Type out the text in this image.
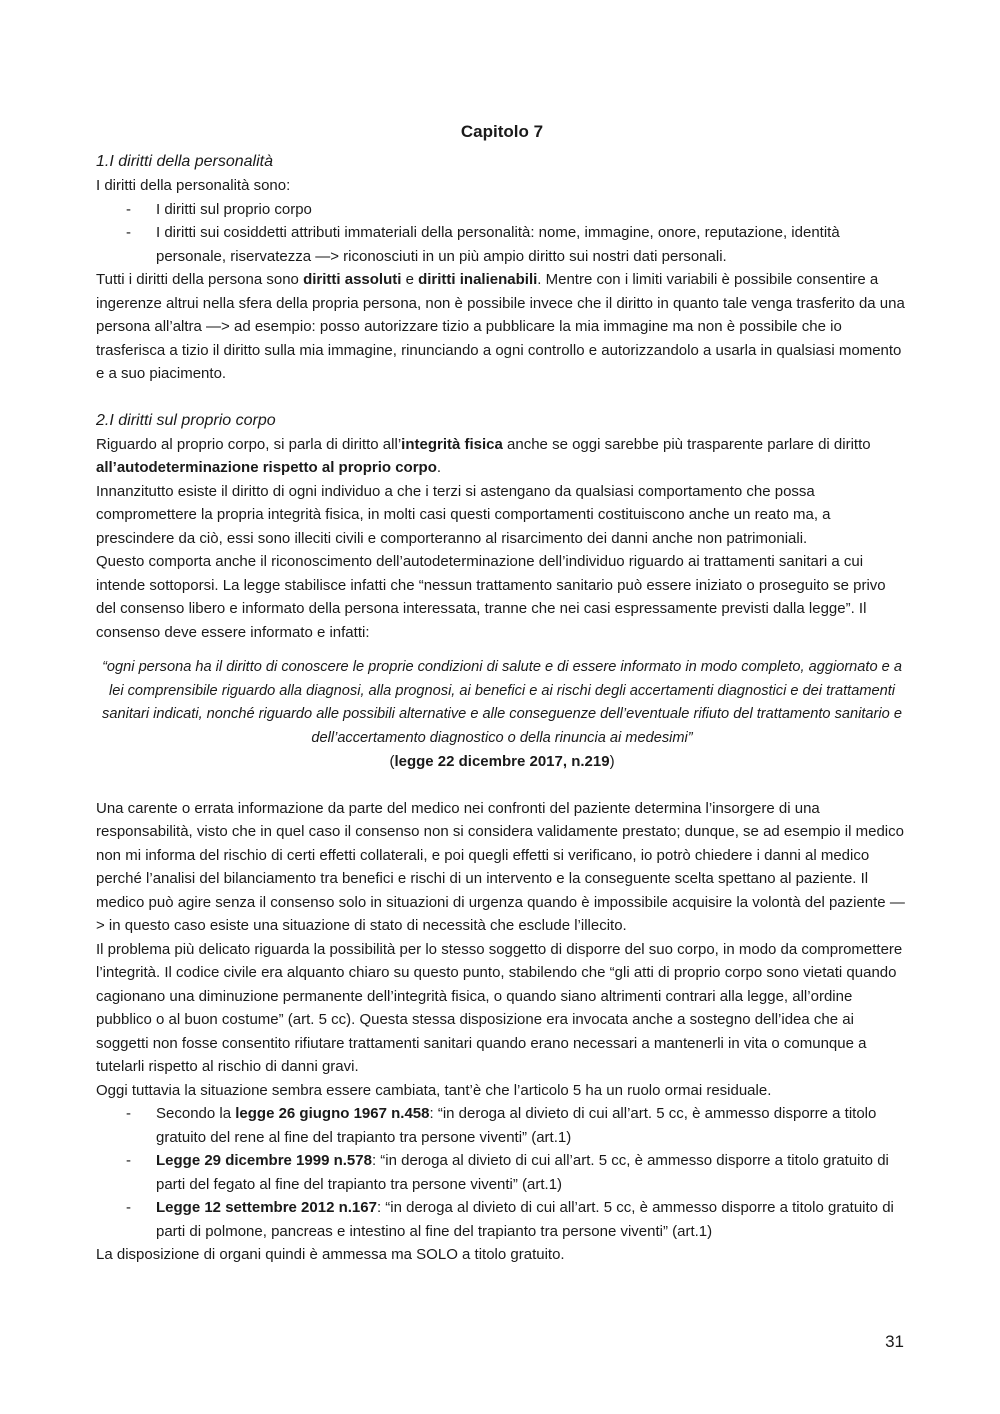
Capitolo 7
1.I diritti della personalità

I diritti della personalità sono:

- I diritti sul proprio corpo
- I diritti sui cosiddetti attributi immateriali della personalità: nome, immagine, onore, reputazione, identità personale, riservatezza —> riconosciuti in un più ampio diritto sui nostri dati personali.

Tutti i diritti della persona sono diritti assoluti e diritti inalienabili. Mentre con i limiti variabili è possibile consentire a ingerenze altrui nella sfera della propria persona, non è possibile invece che il diritto in quanto tale venga trasferito da una persona all’altra —> ad esempio: posso autorizzare tizio a pubblicare la mia immagine ma non è possibile che io trasferisca a tizio il diritto sulla mia immagine, rinunciando a ogni controllo e autorizzandolo a usarla in qualsiasi momento e a suo piacimento.

2.I diritti sul proprio corpo

Riguardo al proprio corpo, si parla di diritto all’integrità fisica anche se oggi sarebbe più trasparente parlare di diritto all’autodeterminazione rispetto al proprio corpo.

Innanzitutto esiste il diritto di ogni individuo a che i terzi si astengano da qualsiasi comportamento che possa compromettere la propria integrità fisica, in molti casi questi comportamenti costituiscono anche un reato ma, a prescindere da ciò, essi sono illeciti civili e comporteranno al risarcimento dei danni anche non patrimoniali.

Questo comporta anche il riconoscimento dell’autodeterminazione dell’individuo riguardo ai trattamenti sanitari a cui intende sottoporsi. La legge stabilisce infatti che “nessun trattamento sanitario può essere iniziato o proseguito se privo del consenso libero e informato della persona interessata, tranne che nei casi espressamente previsti dalla legge”. Il consenso deve essere informato e infatti:

“ogni persona ha il diritto di conoscere le proprie condizioni di salute e di essere informato in modo completo, aggiornato e a lei comprensibile riguardo alla diagnosi, alla prognosi, ai benefici e ai rischi degli accertamenti diagnostici e dei trattamenti sanitari indicati, nonché riguardo alle possibili alternative e alle conseguenze dell’eventuale rifiuto del trattamento sanitario e dell’accertamento diagnostico o della rinuncia ai medesimi”

(legge 22 dicembre 2017, n.219)

Una carente o errata informazione da parte del medico nei confronti del paziente determina l’insorgere di una responsabilità, visto che in quel caso il consenso non si considera validamente prestato; dunque, se ad esempio il medico non mi informa del rischio di certi effetti collaterali, e poi quegli effetti si verificano, io potrò chiedere i danni al medico perché l’analisi del bilanciamento tra benefici e rischi di un intervento e la conseguente scelta spettano al paziente. Il medico può agire senza il consenso solo in situazioni di urgenza quando è impossibile acquisire la volontà del paziente —> in questo caso esiste una situazione di stato di necessità che esclude l’illecito.

Il problema più delicato riguarda la possibilità per lo stesso soggetto di disporre del suo corpo, in modo da compromettere l’integrità. Il codice civile era alquanto chiaro su questo punto, stabilendo che “gli atti di proprio corpo sono vietati quando cagionano una diminuzione permanente dell’integrità fisica, o quando siano altrimenti contrari alla legge, all’ordine pubblico o al buon costume” (art. 5 cc). Questa stessa disposizione era invocata anche a sostegno dell’idea che ai soggetti non fosse consentito rifiutare trattamenti sanitari quando erano necessari a mantenerli in vita o comunque a tutelarli rispetto al rischio di danni gravi.

Oggi tuttavia la situazione sembra essere cambiata, tant’è che l’articolo 5 ha un ruolo ormai residuale.

- Secondo la legge 26 giugno 1967 n.458: “in deroga al divieto di cui all’art. 5 cc, è ammesso disporre a titolo gratuito del rene al fine del trapianto tra persone viventi” (art.1)
- Legge 29 dicembre 1999 n.578: “in deroga al divieto di cui all’art. 5 cc, è ammesso disporre a titolo gratuito di parti del fegato al fine del trapianto tra persone viventi” (art.1)
- Legge 12 settembre 2012 n.167: “in deroga al divieto di cui all’art. 5 cc, è ammesso disporre a titolo gratuito di parti di polmone, pancreas e intestino al fine del trapianto tra persone viventi” (art.1)

La disposizione di organi quindi è ammessa ma SOLO a titolo gratuito.

31
